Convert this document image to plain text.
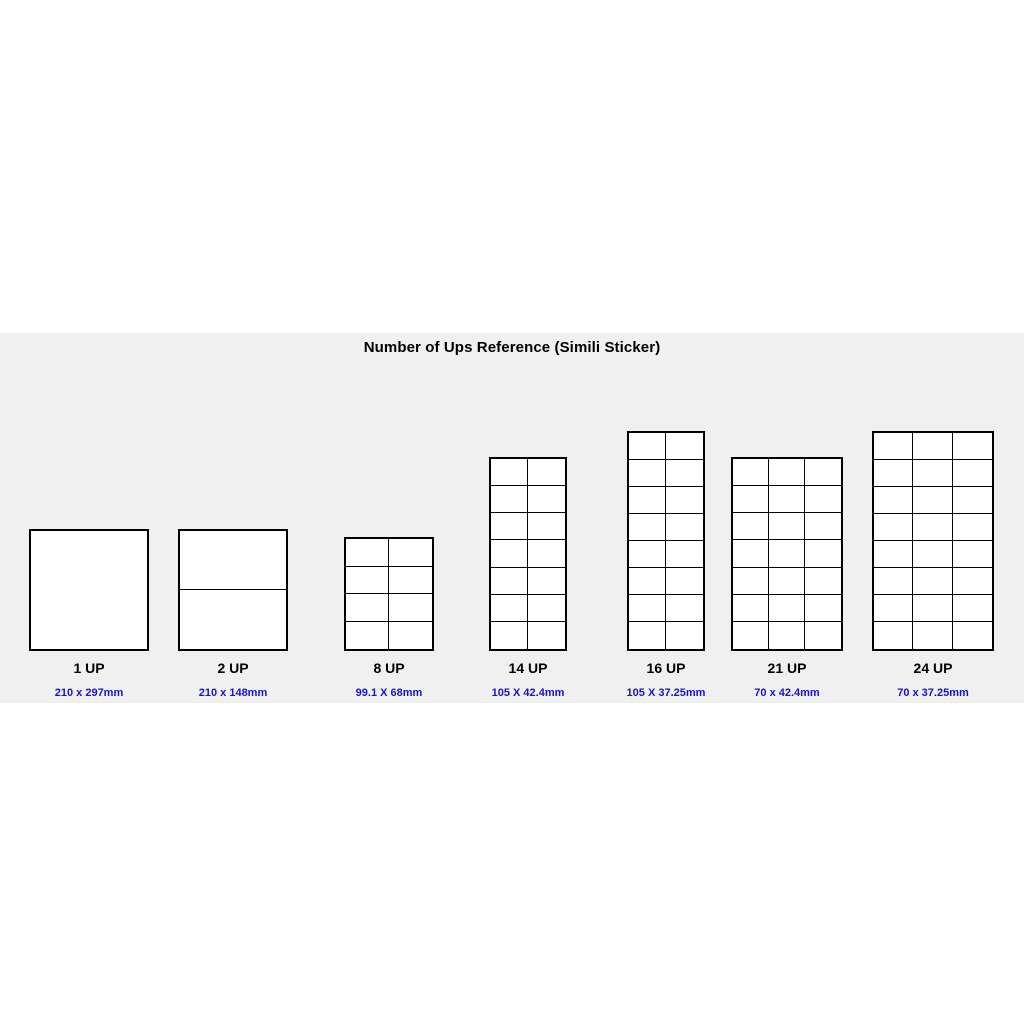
Number of Ups Reference (Simili Sticker)
1 UP
210 x 297mm
2 UP
210 x 148mm
8 UP
99.1 X 68mm
14 UP
105 X 42.4mm
16 UP
105 X 37.25mm
21 UP
70 x 42.4mm
24 UP
70 x 37.25mm
